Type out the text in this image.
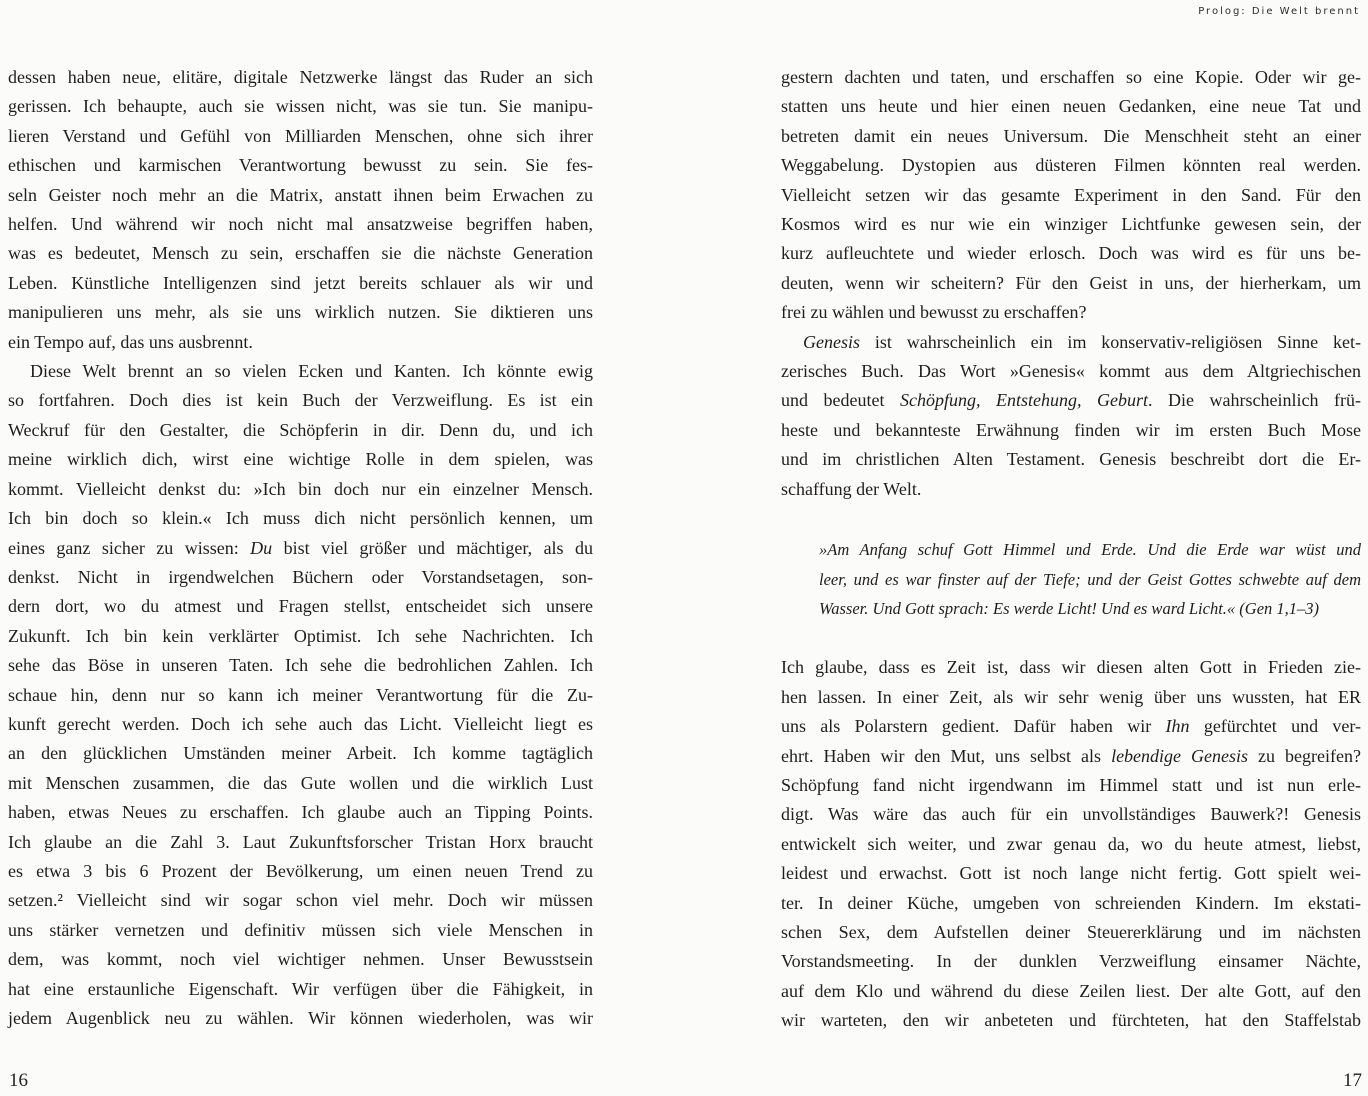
Prolog: Die Welt brennt
dessen haben neue, elitäre, digitale Netzwerke längst das Ruder an sich
gerissen. Ich behaupte, auch sie wissen nicht, was sie tun. Sie manipu-
lieren Verstand und Gefühl von Milliarden Menschen, ohne sich ihrer
ethischen und karmischen Verantwortung bewusst zu sein. Sie fes-
seln Geister noch mehr an die Matrix, anstatt ihnen beim Erwachen zu
helfen. Und während wir noch nicht mal ansatzweise begriffen haben,
was es bedeutet, Mensch zu sein, erschaffen sie die nächste Generation
Leben. Künstliche Intelligenzen sind jetzt bereits schlauer als wir und
manipulieren uns mehr, als sie uns wirklich nutzen. Sie diktieren uns
ein Tempo auf, das uns ausbrennt.
Diese Welt brennt an so vielen Ecken und Kanten. Ich könnte ewig
so fortfahren. Doch dies ist kein Buch der Verzweiflung. Es ist ein
Weckruf für den Gestalter, die Schöpferin in dir. Denn du, und ich
meine wirklich dich, wirst eine wichtige Rolle in dem spielen, was
kommt. Vielleicht denkst du: »Ich bin doch nur ein einzelner Mensch.
Ich bin doch so klein.« Ich muss dich nicht persönlich kennen, um
eines ganz sicher zu wissen: Du bist viel größer und mächtiger, als du
denkst. Nicht in irgendwelchen Büchern oder Vorstandsetagen, son-
dern dort, wo du atmest und Fragen stellst, entscheidet sich unsere
Zukunft. Ich bin kein verklärter Optimist. Ich sehe Nachrichten. Ich
sehe das Böse in unseren Taten. Ich sehe die bedrohlichen Zahlen. Ich
schaue hin, denn nur so kann ich meiner Verantwortung für die Zu-
kunft gerecht werden. Doch ich sehe auch das Licht. Vielleicht liegt es
an den glücklichen Umständen meiner Arbeit. Ich komme tagtäglich
mit Menschen zusammen, die das Gute wollen und die wirklich Lust
haben, etwas Neues zu erschaffen. Ich glaube auch an Tipping Points.
Ich glaube an die Zahl 3. Laut Zukunftsforscher Tristan Horx braucht
es etwa 3 bis 6 Prozent der Bevölkerung, um einen neuen Trend zu
setzen.² Vielleicht sind wir sogar schon viel mehr. Doch wir müssen
uns stärker vernetzen und definitiv müssen sich viele Menschen in
dem, was kommt, noch viel wichtiger nehmen. Unser Bewusstsein
hat eine erstaunliche Eigenschaft. Wir verfügen über die Fähigkeit, in
jedem Augenblick neu zu wählen. Wir können wiederholen, was wir
gestern dachten und taten, und erschaffen so eine Kopie. Oder wir ge-
statten uns heute und hier einen neuen Gedanken, eine neue Tat und
betreten damit ein neues Universum. Die Menschheit steht an einer
Weggabelung. Dystopien aus düsteren Filmen könnten real werden.
Vielleicht setzen wir das gesamte Experiment in den Sand. Für den
Kosmos wird es nur wie ein winziger Lichtfunke gewesen sein, der
kurz aufleuchtete und wieder erlosch. Doch was wird es für uns be-
deuten, wenn wir scheitern? Für den Geist in uns, der hierherkam, um
frei zu wählen und bewusst zu erschaffen?
Genesis ist wahrscheinlich ein im konservativ-religiösen Sinne ket-
zerisches Buch. Das Wort »Genesis« kommt aus dem Altgriechischen
und bedeutet Schöpfung, Entstehung, Geburt. Die wahrscheinlich frü-
heste und bekannteste Erwähnung finden wir im ersten Buch Mose
und im christlichen Alten Testament. Genesis beschreibt dort die Er-
schaffung der Welt.
»Am Anfang schuf Gott Himmel und Erde. Und die Erde war wüst und
leer, und es war finster auf der Tiefe; und der Geist Gottes schwebte auf dem
Wasser. Und Gott sprach: Es werde Licht! Und es ward Licht.« (Gen 1,1–3)
Ich glaube, dass es Zeit ist, dass wir diesen alten Gott in Frieden zie-
hen lassen. In einer Zeit, als wir sehr wenig über uns wussten, hat ER
uns als Polarstern gedient. Dafür haben wir Ihn gefürchtet und ver-
ehrt. Haben wir den Mut, uns selbst als lebendige Genesis zu begreifen?
Schöpfung fand nicht irgendwann im Himmel statt und ist nun erle-
digt. Was wäre das auch für ein unvollständiges Bauwerk?! Genesis
entwickelt sich weiter, und zwar genau da, wo du heute atmest, liebst,
leidest und erwachst. Gott ist noch lange nicht fertig. Gott spielt wei-
ter. In deiner Küche, umgeben von schreienden Kindern. Im ekstati-
schen Sex, dem Aufstellen deiner Steuererklärung und im nächsten
Vorstandsmeeting. In der dunklen Verzweiflung einsamer Nächte,
auf dem Klo und während du diese Zeilen liest. Der alte Gott, auf den
wir warteten, den wir anbeteten und fürchteten, hat den Staffelstab
16	17
